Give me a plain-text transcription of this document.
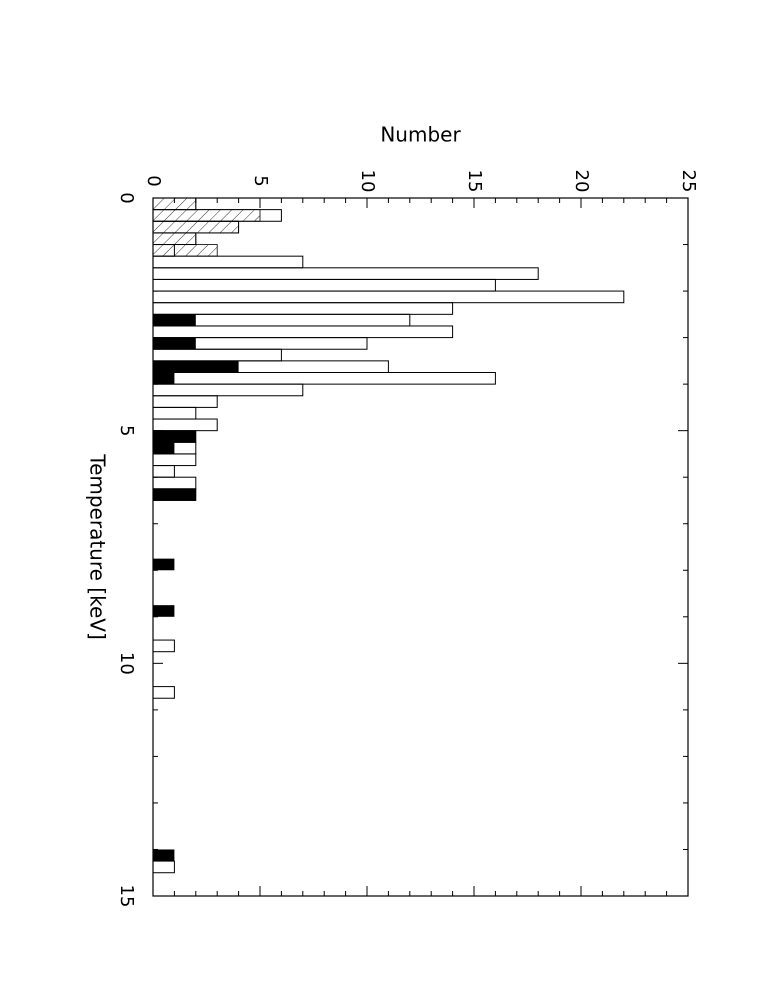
0
5
10
15
0	5	10	15	20	25
Temperature [keV]
Number
